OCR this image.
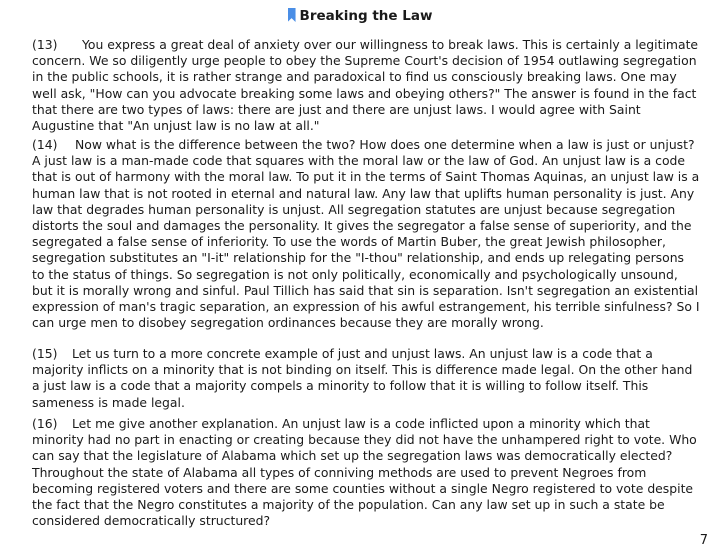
Breaking the Law
(13)	You express a great deal of anxiety over our willingness to break laws. This is certainly a legitimate concern. We so diligently urge people to obey the Supreme Court's decision of 1954 outlawing segregation in the public schools, it is rather strange and paradoxical to find us consciously breaking laws. One may well ask, "How can you advocate breaking some laws and obeying others?" The answer is found in the fact that there are two types of laws: there are just and there are unjust laws. I would agree with Saint Augustine that "An unjust law is no law at all."
(14)	Now what is the difference between the two? How does one determine when a law is just or unjust? A just law is a man-made code that squares with the moral law or the law of God. An unjust law is a code that is out of harmony with the moral law. To put it in the terms of Saint Thomas Aquinas, an unjust law is a human law that is not rooted in eternal and natural law. Any law that uplifts human personality is just. Any law that degrades human personality is unjust. All segregation statutes are unjust because segregation distorts the soul and damages the personality. It gives the segregator a false sense of superiority, and the segregated a false sense of inferiority. To use the words of Martin Buber, the great Jewish philosopher, segregation substitutes an "I-it" relationship for the "I-thou" relationship, and ends up relegating persons to the status of things. So segregation is not only politically, economically and psychologically unsound, but it is morally wrong and sinful. Paul Tillich has said that sin is separation. Isn't segregation an existential expression of man's tragic separation, an expression of his awful estrangement, his terrible sinfulness? So I can urge men to disobey segregation ordinances because they are morally wrong.
(15)	Let us turn to a more concrete example of just and unjust laws. An unjust law is a code that a majority inflicts on a minority that is not binding on itself. This is difference made legal. On the other hand a just law is a code that a majority compels a minority to follow that it is willing to follow itself. This sameness is made legal.
(16)	Let me give another explanation. An unjust law is a code inflicted upon a minority which that minority had no part in enacting or creating because they did not have the unhampered right to vote. Who can say that the legislature of Alabama which set up the segregation laws was democratically elected? Throughout the state of Alabama all types of conniving methods are used to prevent Negroes from becoming registered voters and there are some counties without a single Negro registered to vote despite the fact that the Negro constitutes a majority of the population. Can any law set up in such a state be considered democratically structured?
7
